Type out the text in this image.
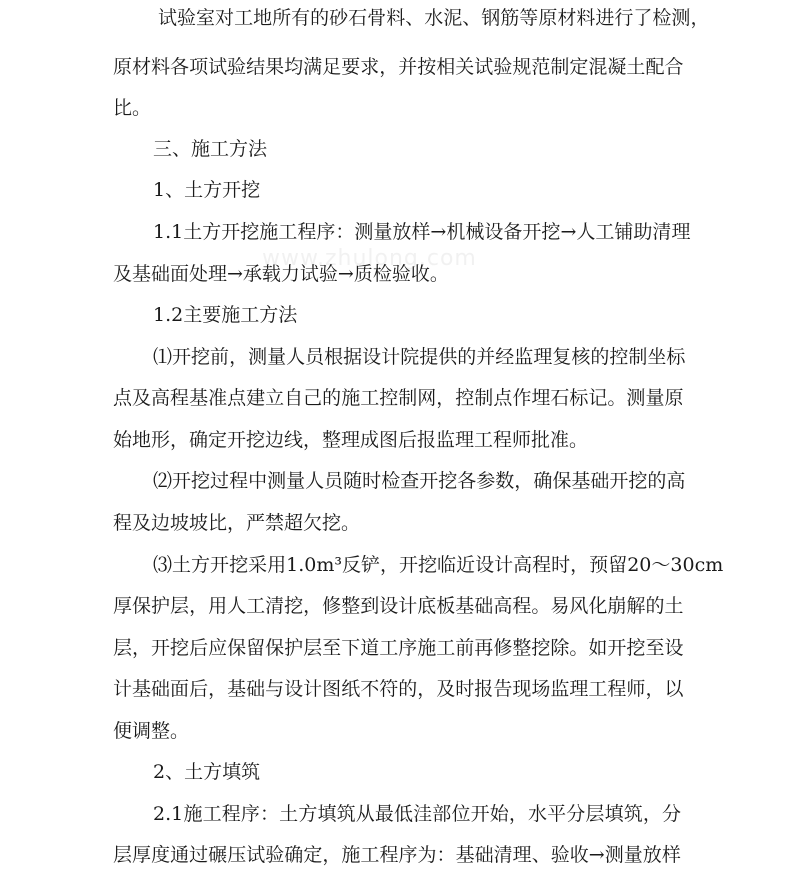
试 验 室 对 工 地 所 有 的 砂 石 骨 料 、 水 泥 、 钢 筋 等 原 材 料 进 行 了 检 测 ，
原 材 料 各 项 试 验 结 果 均 满 足 要 求 ， 并 按 相 关 试 验 规 范 制 定 混 凝 土 配 合
比。
三、施工方法
1、土方开挖
1.1 土 方 开 挖 施 工 程 序 ： 测 量 放 样 → 机 械 设 备 开 挖 → 人 工 铺 助 清 理
及基础面处理→承载力试验→质检验收。
1.2主要施工方法
⑴ 开 挖 前 ， 测 量 人 员 根 据 设 计 院 提 供 的 并 经 监 理 复 核 的 控 制 坐 标
点 及 高 程 基 准 点 建 立 自 己 的 施 工 控 制 网 ， 控 制 点 作 埋 石 标 记 。 测 量 原
始地形，确定开挖边线，整理成图后报监理工程师批准。
⑵ 开 挖 过 程 中 测 量 人 员 随 时 检 查 开 挖 各 参 数 ， 确 保 基 础 开 挖 的 高
程及边坡坡比，严禁超欠挖。
⑶ 土 方 开 挖 采 用 1.0m³ 反 铲 ， 开 挖 临 近 设 计 高 程 时 ， 预 留 20 ～ 30cm
厚 保 护 层 ， 用 人 工 清 挖 ， 修 整 到 设 计 底 板 基 础 高 程 。 易 风 化 崩 解 的 土
层 ， 开 挖 后 应 保 留 保 护 层 至 下 道 工 序 施 工 前 再 修 整 挖 除 。 如 开 挖 至 设
计 基 础 面 后 ， 基 础 与 设 计 图 纸 不 符 的 ， 及 时 报 告 现 场 监 理 工 程 师 ， 以
便调整。
2、土方填筑
2.1 施 工 程 序 ： 土 方 填 筑 从 最 低 洼 部 位 开 始 ， 水 平 分 层 填 筑 ， 分
层 厚 度 通 过 碾 压 试 验 确 定 ， 施 工 程 序 为 ： 基 础 清 理 、 验 收 → 测 量 放 样
www.zhulong.com
